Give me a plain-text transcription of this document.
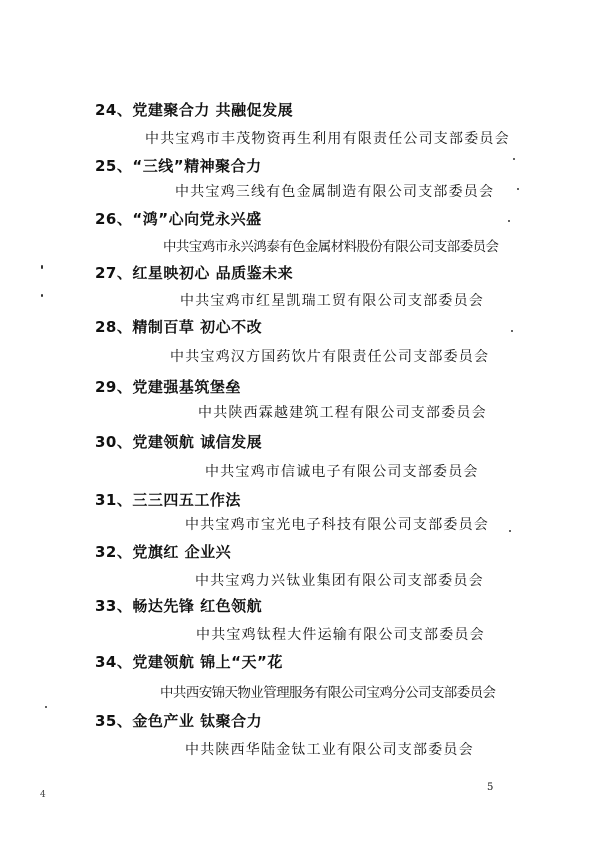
24、党建聚合力 共融促发展
中共宝鸡市丰茂物资再生利用有限责任公司支部委员会
25、“三线”精神聚合力
中共宝鸡三线有色金属制造有限公司支部委员会
26、“鸿”心向党永兴盛
中共宝鸡市永兴鸿泰有色金属材料股份有限公司支部委员会
27、红星映初心 品质鉴未来
中共宝鸡市红星凯瑞工贸有限公司支部委员会
28、精制百草 初心不改
中共宝鸡汉方国药饮片有限责任公司支部委员会
29、党建强基筑堡垒
中共陕西霖越建筑工程有限公司支部委员会
30、党建领航 诚信发展
中共宝鸡市信诚电子有限公司支部委员会
31、三三四五工作法
中共宝鸡市宝光电子科技有限公司支部委员会
32、党旗红 企业兴
中共宝鸡力兴钛业集团有限公司支部委员会
33、畅达先锋 红色领航
中共宝鸡钛程大件运输有限公司支部委员会
34、党建领航 锦上“天”花
中共西安锦天物业管理服务有限公司宝鸡分公司支部委员会
35、金色产业 钛聚合力
中共陕西华陆金钛工业有限公司支部委员会
5
4
